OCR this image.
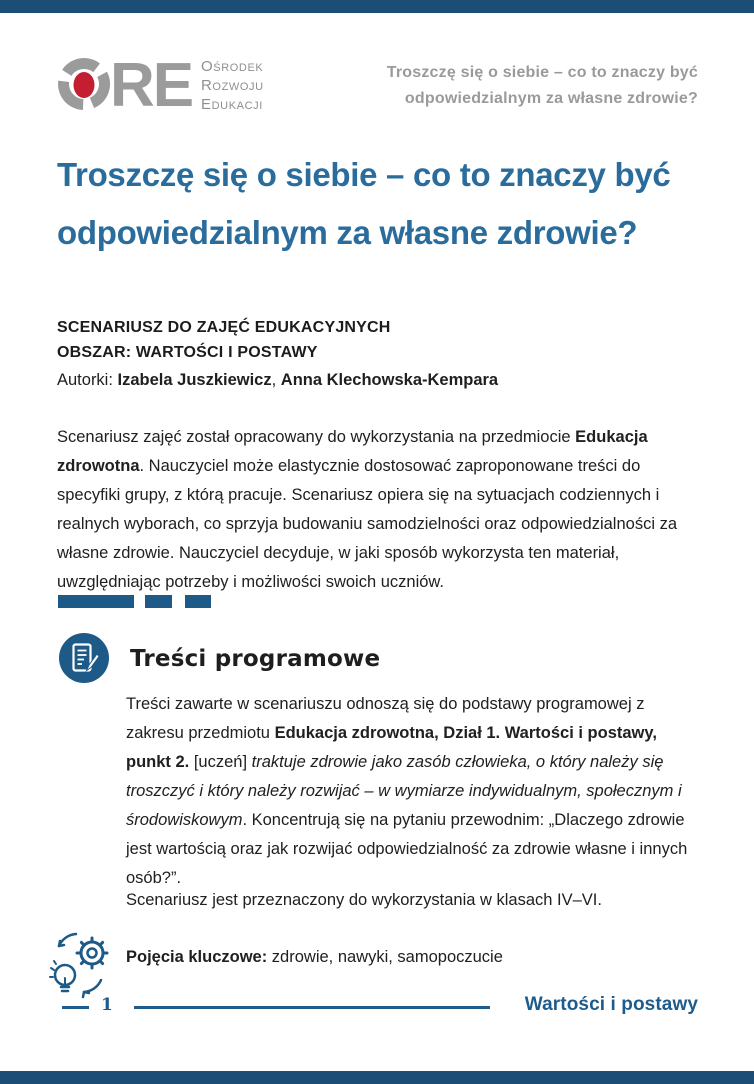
RE Ośrodek
Rozwoju
Edukacji
Troszczę się o siebie – co to znaczy być
odpowiedzialnym za własne zdrowie?
Troszczę się o siebie – co to znaczy być odpowiedzialnym za własne zdrowie?
SCENARIUSZ DO ZAJĘĆ EDUKACYJNYCH
OBSZAR: WARTOŚCI I POSTAWY
Autorki: Izabela Juszkiewicz, Anna Klechowska-Kempara

Scenariusz zajęć został opracowany do wykorzystania na przedmiocie Edukacja zdrowotna. Nauczyciel może elastycznie dostosować zaproponowane treści do specyfiki grupy, z którą pracuje. Scenariusz opiera się na sytuacjach codziennych i realnych wyborach, co sprzyja budowaniu samodzielności oraz odpowiedzialności za własne zdrowie. Nauczyciel decyduje, w jaki sposób wykorzysta ten materiał, uwzględniając potrzeby i możliwości swoich uczniów.

Treści programowe

Treści zawarte w scenariuszu odnoszą się do podstawy programowej z zakresu przedmiotu Edukacja zdrowotna, Dział 1. Wartości i postawy, punkt 2. [uczeń] traktuje zdrowie jako zasób człowieka, o który należy się troszczyć i który należy rozwijać – w wymiarze indywidualnym, społecznym i środowiskowym. Koncentrują się na pytaniu przewodnim: „Dlaczego zdrowie jest wartością oraz jak rozwijać odpowiedzialność za zdrowie własne i innych osób?”.

Scenariusz jest przeznaczony do wykorzystania w klasach IV–VI.

Pojęcia kluczowe: zdrowie, nawyki, samopoczucie

1	Wartości i postawy
